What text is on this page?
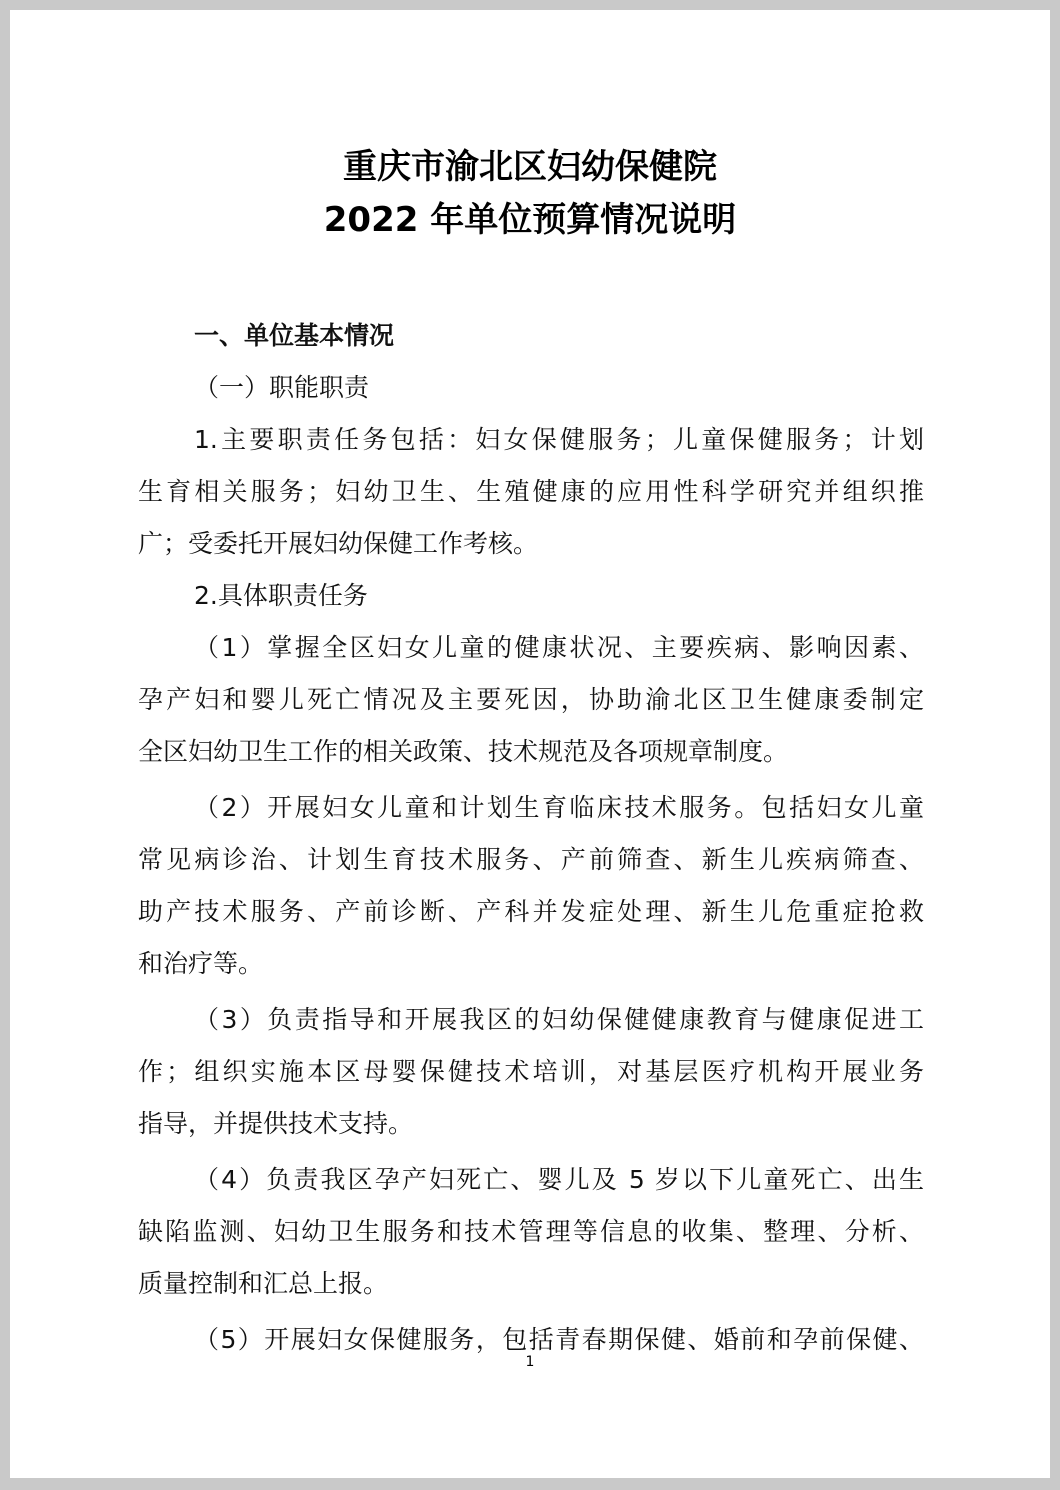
重庆市渝北区妇幼保健院
2022 年单位预算情况说明
一、单位基本情况
（一）职能职责
1.主要职责任务包括：妇女保健服务；儿童保健服务；计划
生育相关服务；妇幼卫生、生殖健康的应用性科学研究并组织推
广；受委托开展妇幼保健工作考核。
2.具体职责任务
（1）掌握全区妇女儿童的健康状况、主要疾病、影响因素、
孕产妇和婴儿死亡情况及主要死因，协助渝北区卫生健康委制定
全区妇幼卫生工作的相关政策、技术规范及各项规章制度。
（2）开展妇女儿童和计划生育临床技术服务。包括妇女儿童
常见病诊治、计划生育技术服务、产前筛查、新生儿疾病筛查、
助产技术服务、产前诊断、产科并发症处理、新生儿危重症抢救
和治疗等。
（3）负责指导和开展我区的妇幼保健健康教育与健康促进工
作；组织实施本区母婴保健技术培训，对基层医疗机构开展业务
指导，并提供技术支持。
（4）负责我区孕产妇死亡、婴儿及 5 岁以下儿童死亡、出生
缺陷监测、妇幼卫生服务和技术管理等信息的收集、整理、分析、
质量控制和汇总上报。
（5）开展妇女保健服务，包括青春期保健、婚前和孕前保健、
1
